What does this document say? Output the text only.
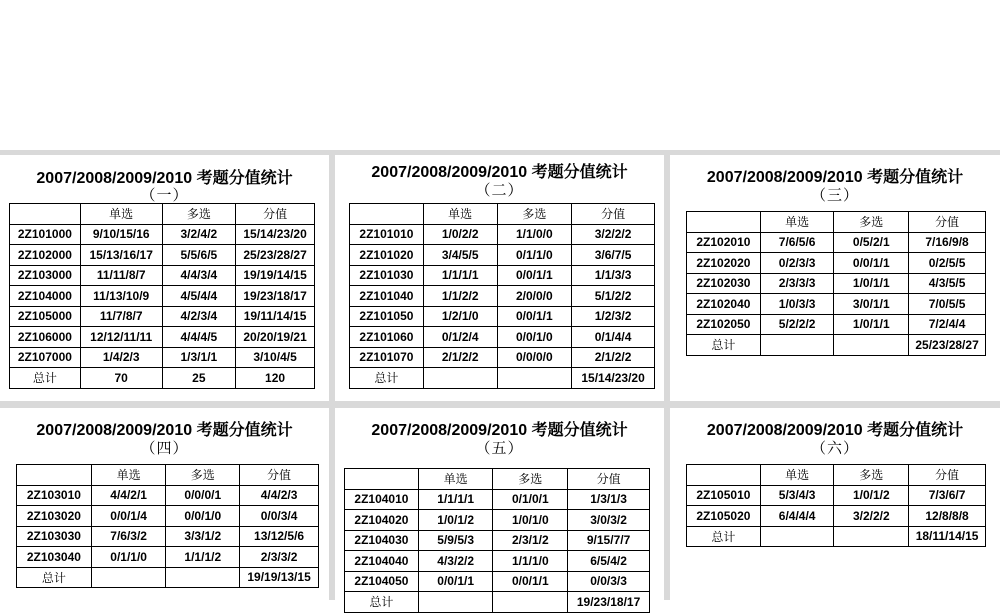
2007/2008/2009/2010 考题分值统计
（一）
	单选	多选	分值
2Z101000	9/10/15/16	3/2/4/2	15/14/23/20
2Z102000	15/13/16/17	5/5/6/5	25/23/28/27
2Z103000	11/11/8/7	4/4/3/4	19/19/14/15
2Z104000	11/13/10/9	4/5/4/4	19/23/18/17
2Z105000	11/7/8/7	4/2/3/4	19/11/14/15
2Z106000	12/12/11/11	4/4/4/5	20/20/19/21
2Z107000	1/4/2/3	1/3/1/1	3/10/4/5
总计	70	25	120
2007/2008/2009/2010 考题分值统计
（二）
	单选	多选	分值
2Z101010	1/0/2/2	1/1/0/0	3/2/2/2
2Z101020	3/4/5/5	0/1/1/0	3/6/7/5
2Z101030	1/1/1/1	0/0/1/1	1/1/3/3
2Z101040	1/1/2/2	2/0/0/0	5/1/2/2
2Z101050	1/2/1/0	0/0/1/1	1/2/3/2
2Z101060	0/1/2/4	0/0/1/0	0/1/4/4
2Z101070	2/1/2/2	0/0/0/0	2/1/2/2
总计			15/14/23/20
2007/2008/2009/2010 考题分值统计
（三）
	单选	多选	分值
2Z102010	7/6/5/6	0/5/2/1	7/16/9/8
2Z102020	0/2/3/3	0/0/1/1	0/2/5/5
2Z102030	2/3/3/3	1/0/1/1	4/3/5/5
2Z102040	1/0/3/3	3/0/1/1	7/0/5/5
2Z102050	5/2/2/2	1/0/1/1	7/2/4/4
总计			25/23/28/27
2007/2008/2009/2010 考题分值统计
（四）
	单选	多选	分值
2Z103010	4/4/2/1	0/0/0/1	4/4/2/3
2Z103020	0/0/1/4	0/0/1/0	0/0/3/4
2Z103030	7/6/3/2	3/3/1/2	13/12/5/6
2Z103040	0/1/1/0	1/1/1/2	2/3/3/2
总计			19/19/13/15
2007/2008/2009/2010 考题分值统计
（五）
	单选	多选	分值
2Z104010	1/1/1/1	0/1/0/1	1/3/1/3
2Z104020	1/0/1/2	1/0/1/0	3/0/3/2
2Z104030	5/9/5/3	2/3/1/2	9/15/7/7
2Z104040	4/3/2/2	1/1/1/0	6/5/4/2
2Z104050	0/0/1/1	0/0/1/1	0/0/3/3
总计			19/23/18/17
2007/2008/2009/2010 考题分值统计
（六）
	单选	多选	分值
2Z105010	5/3/4/3	1/0/1/2	7/3/6/7
2Z105020	6/4/4/4	3/2/2/2	12/8/8/8
总计			18/11/14/15
